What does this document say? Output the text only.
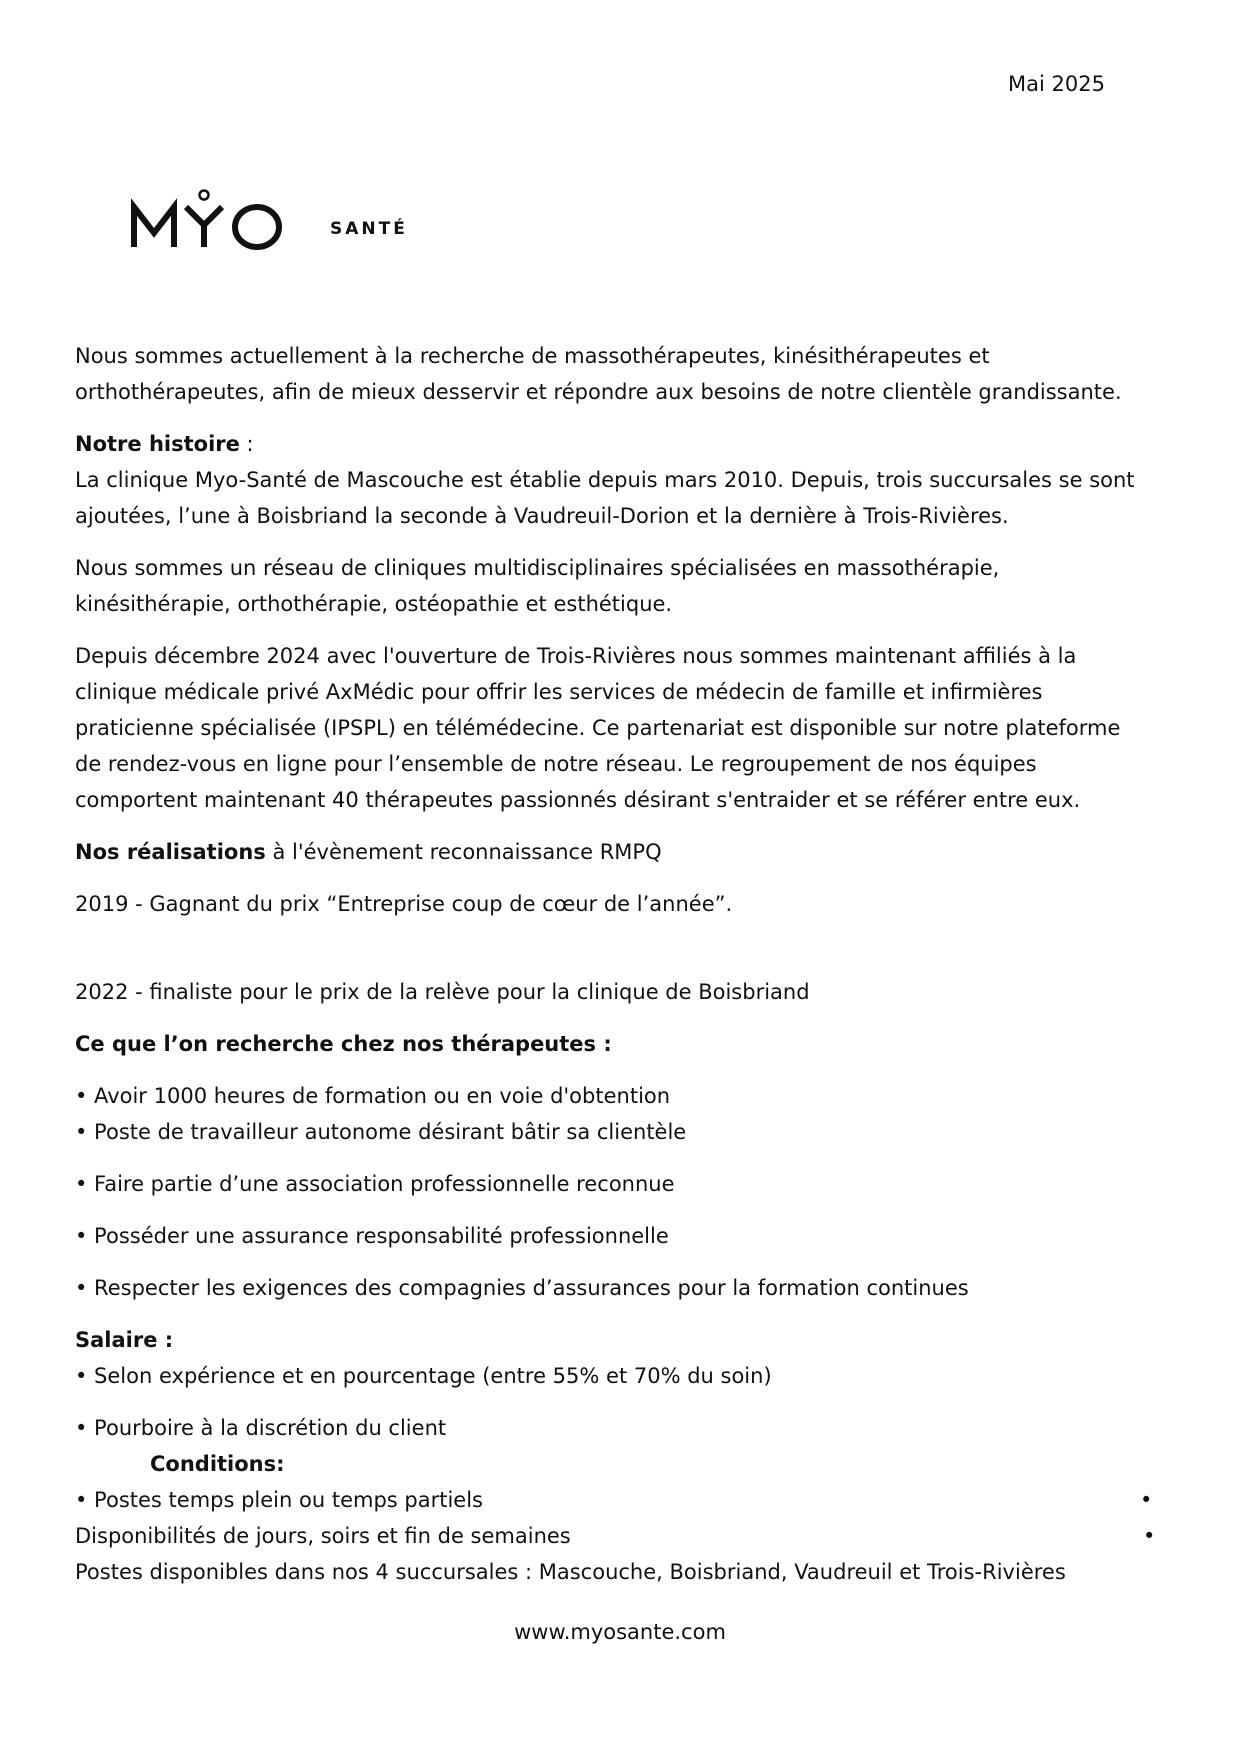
Mai 2025
SANTÉ
Nous sommes actuellement à la recherche de massothérapeutes, kinésithérapeutes et
orthothérapeutes, afin de mieux desservir et répondre aux besoins de notre clientèle grandissante.
Notre histoire :
La clinique Myo-Santé de Mascouche est établie depuis mars 2010. Depuis, trois succursales se sont
ajoutées, l’une à Boisbriand la seconde à Vaudreuil-Dorion et la dernière à Trois-Rivières.
Nous sommes un réseau de cliniques multidisciplinaires spécialisées en massothérapie,
kinésithérapie, orthothérapie, ostéopathie et esthétique.
Depuis décembre 2024 avec l'ouverture de Trois-Rivières nous sommes maintenant affiliés à la
clinique médicale privé AxMédic pour offrir les services de médecin de famille et infirmières
praticienne spécialisée (IPSPL) en télémédecine. Ce partenariat est disponible sur notre plateforme
de rendez-vous en ligne pour l’ensemble de notre réseau. Le regroupement de nos équipes
comportent maintenant 40 thérapeutes passionnés désirant s'entraider et se référer entre eux.
Nos réalisations à l'évènement reconnaissance RMPQ
2019 - Gagnant du prix “Entreprise coup de cœur de l’année”.
2022 - finaliste pour le prix de la relève pour la clinique de Boisbriand
Ce que l’on recherche chez nos thérapeutes :
• Avoir 1000 heures de formation ou en voie d'obtention
• Poste de travailleur autonome désirant bâtir sa clientèle
• Faire partie d’une association professionnelle reconnue
• Posséder une assurance responsabilité professionnelle
• Respecter les exigences des compagnies d’assurances pour la formation continues
Salaire :
• Selon expérience et en pourcentage (entre 55% et 70% du soin)
• Pourboire à la discrétion du client
Conditions:
• Postes temps plein ou temps partiels	•
Disponibilités de jours, soirs et fin de semaines	•
Postes disponibles dans nos 4 succursales : Mascouche, Boisbriand, Vaudreuil et Trois-Rivières
www.myosante.com
